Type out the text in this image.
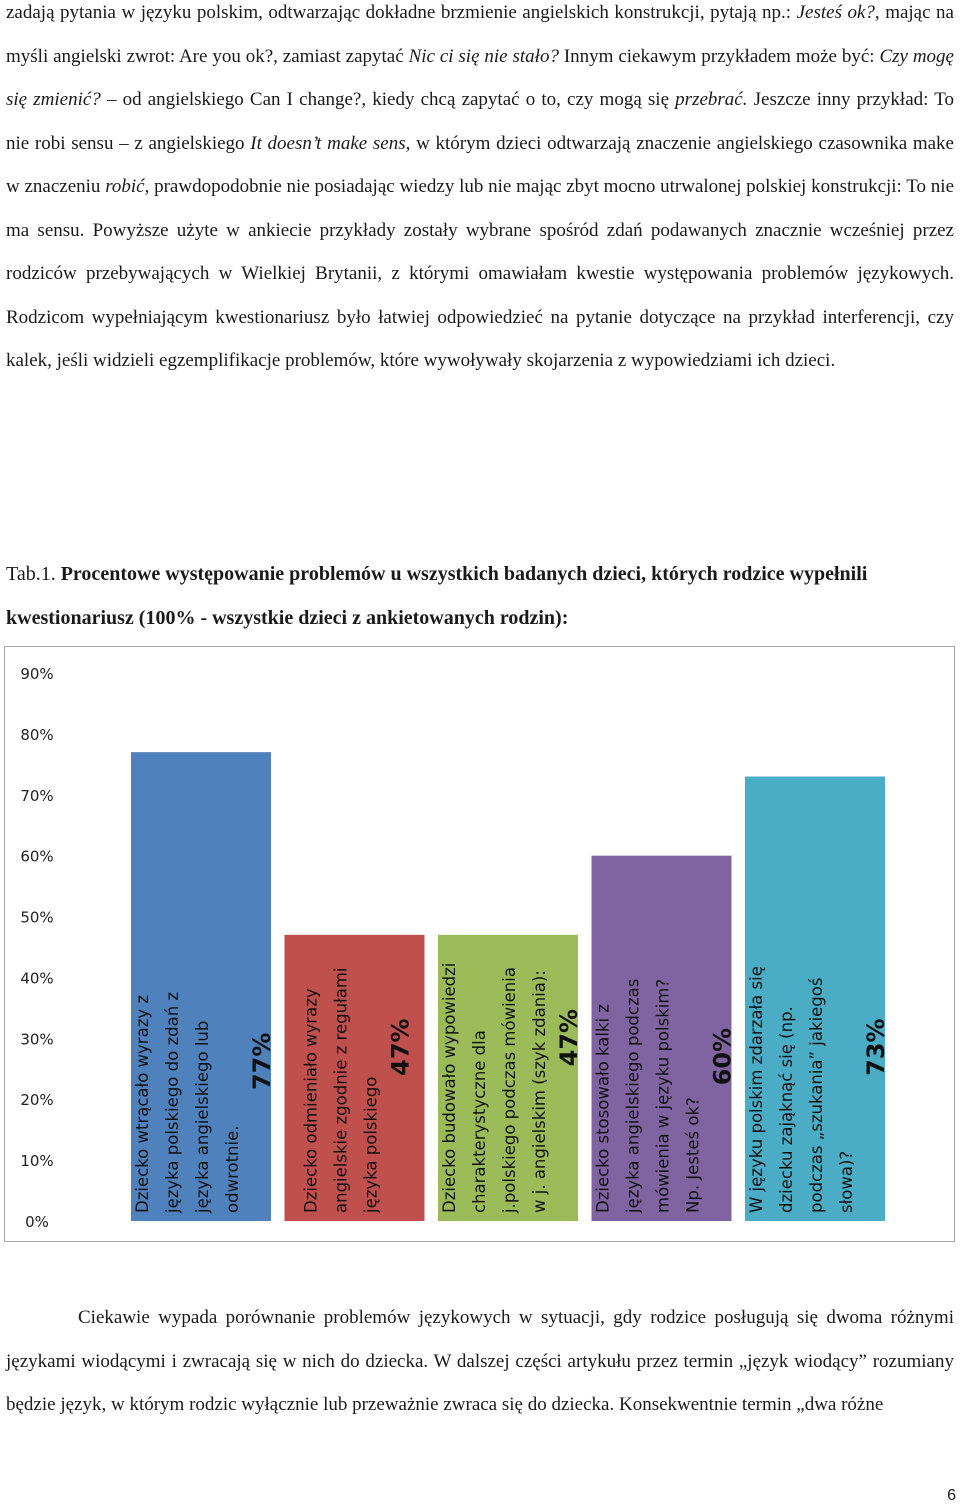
zadają pytania w języku polskim, odtwarzając dokładne brzmienie angielskich konstrukcji, pytają np.: Jesteś ok?, mając na myśli angielski zwrot: Are you ok?, zamiast zapytać Nic ci się nie stało? Innym ciekawym przykładem może być: Czy mogę się zmienić? – od angielskiego Can I change?, kiedy chcą zapytać o to, czy mogą się przebrać. Jeszcze inny przykład: To nie robi sensu – z angielskiego It doesn’t make sens, w którym dzieci odtwarzają znaczenie angielskiego czasownika make w znaczeniu robić, prawdopodobnie nie posiadając wiedzy lub nie mając zbyt mocno utrwalonej polskiej konstrukcji: To nie ma sensu. Powyższe użyte w ankiecie przykłady zostały wybrane spośród zdań podawanych znacznie wcześniej przez rodziców przebywających w Wielkiej Brytanii, z którymi omawiałam kwestie występowania problemów językowych. Rodzicom wypełniającym kwestionariusz było łatwiej odpowiedzieć na pytanie dotyczące na przykład interferencji, czy kalek, jeśli widzieli egzemplifikacje problemów, które wywoływały skojarzenia z wypowiedziami ich dzieci.
Tab.1. Procentowe występowanie problemów u wszystkich badanych dzieci, których rodzice wypełnili kwestionariusz (100% - wszystkie dzieci z ankietowanych rodzin):
0%
10%
20%
30%
40%
50%
60%
70%
80%
90%
Dziecko wtrącało wyrazy z języka polskiego do zdań z języka angielskiego lub odwrotnie.
77% Dziecko odmieniało wyrazy angielskie zgodnie z regułami języka polskiego
47% Dziecko budowało wypowiedzi charakterystyczne dla j.polskiego podczas mówienia w j. angielskim (szyk zdania): 47% Dziecko stosowało kalki z języka angielskiego podczas mówienia w języku polskim? Np. Jesteś ok?
60% W języku polskim zdarzała się dziecku zająknąć się (np. podczas „szukania” jakiegoś słowa)?
73%
Ciekawie wypada porównanie problemów językowych w sytuacji, gdy rodzice posługują się dwoma różnymi językami wiodącymi i zwracają się w nich do dziecka. W dalszej części artykułu przez termin „język wiodący” rozumiany będzie język, w którym rodzic wyłącznie lub przeważnie zwraca się do dziecka. Konsekwentnie termin „dwa różne
6
